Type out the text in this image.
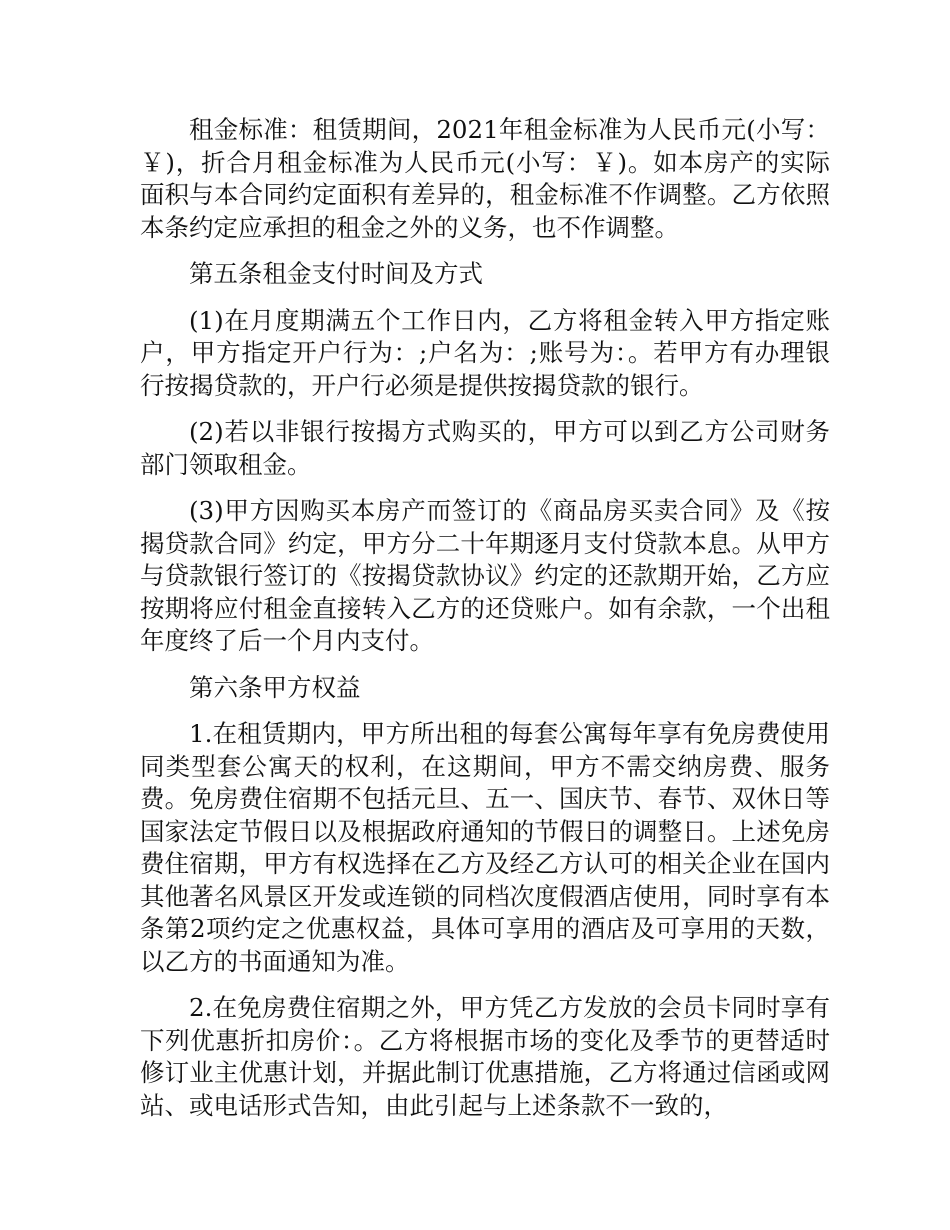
租金标准：租赁期间，2021年租金标准为人民币元(小写：￥)，折合月租金标准为人民币元(小写：￥)。如本房产的实际面积与本合同约定面积有差异的，租金标准不作调整。乙方依照本条约定应承担的租金之外的义务，也不作调整。

第五条租金支付时间及方式

(1)在月度期满五个工作日内，乙方将租金转入甲方指定账户，甲方指定开户行为：;户名为：;账号为：。若甲方有办理银行按揭贷款的，开户行必须是提供按揭贷款的银行。

(2)若以非银行按揭方式购买的，甲方可以到乙方公司财务部门领取租金。

(3)甲方因购买本房产而签订的《商品房买卖合同》及《按揭贷款合同》约定，甲方分二十年期逐月支付贷款本息。从甲方与贷款银行签订的《按揭贷款协议》约定的还款期开始，乙方应按期将应付租金直接转入乙方的还贷账户。如有余款，一个出租年度终了后一个月内支付。

第六条甲方权益

1.在租赁期内，甲方所出租的每套公寓每年享有免房费使用同类型套公寓天的权利，在这期间，甲方不需交纳房费、服务费。免房费住宿期不包括元旦、五一、国庆节、春节、双休日等国家法定节假日以及根据政府通知的节假日的调整日。上述免房费住宿期，甲方有权选择在乙方及经乙方认可的相关企业在国内其他著名风景区开发或连锁的同档次度假酒店使用，同时享有本条第2项约定之优惠权益，具体可享用的酒店及可享用的天数，以乙方的书面通知为准。

2.在免房费住宿期之外，甲方凭乙方发放的会员卡同时享有下列优惠折扣房价：。乙方将根据市场的变化及季节的更替适时修订业主优惠计划，并据此制订优惠措施，乙方将通过信函或网站、或电话形式告知，由此引起与上述条款不一致的，
